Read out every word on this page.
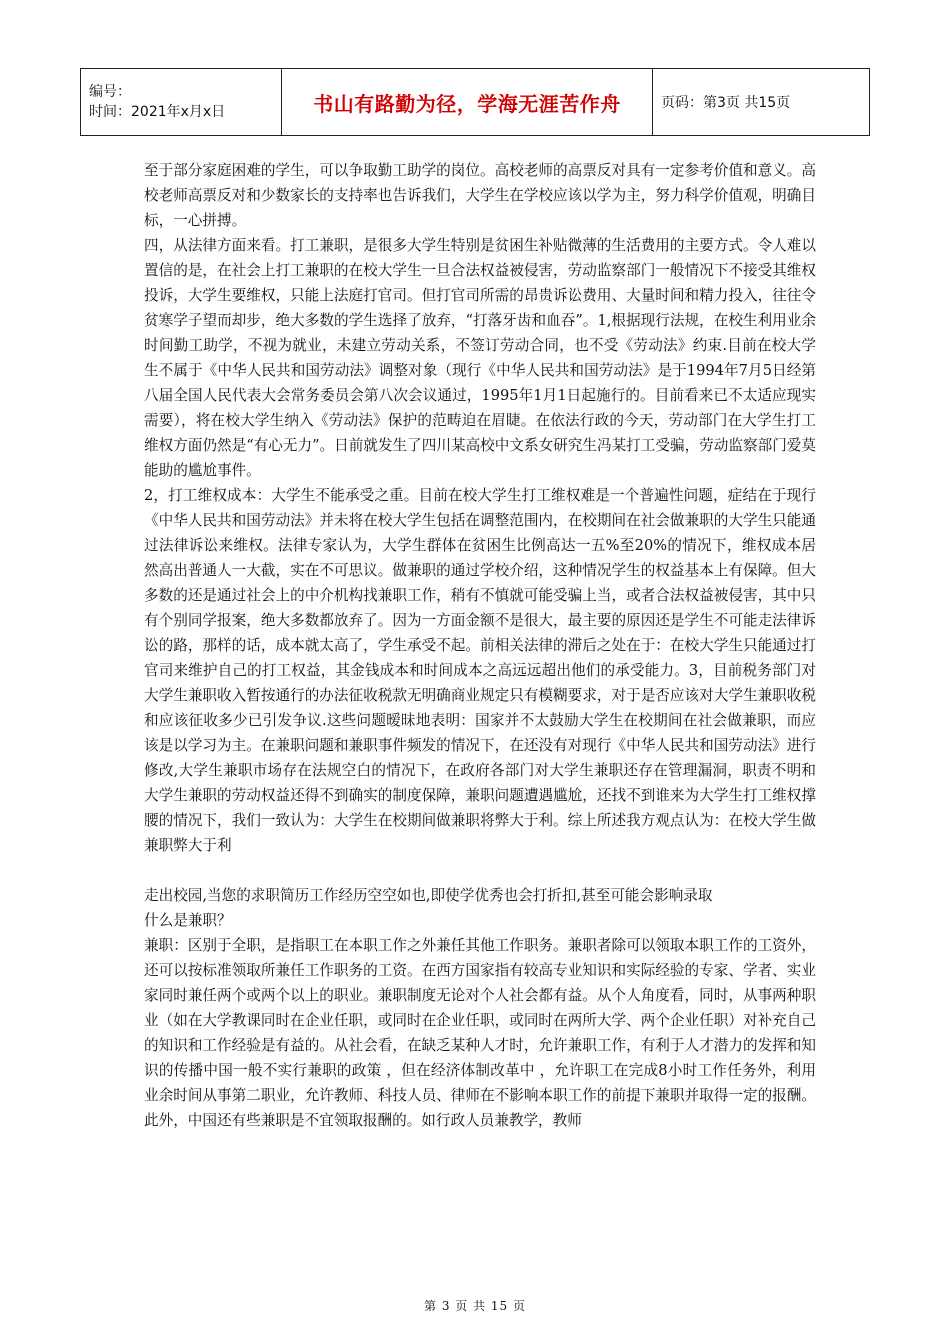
编号：
时间：2021年x月x日	书山有路勤为径，学海无涯苦作舟	页码：第3页 共15页

至于部分家庭困难的学生，可以争取勤工助学的岗位。高校老师的高票反对具有一定参考价值和意义。高校老师高票反对和少数家长的支持率也告诉我们，大学生在学校应该以学为主，努力科学价值观，明确目标，一心拼搏。

四，从法律方面来看。打工兼职，是很多大学生特别是贫困生补贴微薄的生活费用的主要方式。令人难以置信的是，在社会上打工兼职的在校大学生一旦合法权益被侵害，劳动监察部门一般情况下不接受其维权投诉，大学生要维权，只能上法庭打官司。但打官司所需的昂贵诉讼费用、大量时间和精力投入，往往令贫寒学子望而却步，绝大多数的学生选择了放弃，“打落牙齿和血吞”。1,根据现行法规，在校生利用业余时间勤工助学，不视为就业，未建立劳动关系，不签订劳动合同，也不受《劳动法》约束.目前在校大学生不属于《中华人民共和国劳动法》调整对象（现行《中华人民共和国劳动法》是于1994年7月5日经第八届全国人民代表大会常务委员会第八次会议通过，1995年1月1日起施行的。目前看来已不太适应现实需要），将在校大学生纳入《劳动法》保护的范畴迫在眉睫。在依法行政的今天，劳动部门在大学生打工维权方面仍然是“有心无力”。日前就发生了四川某高校中文系女研究生冯某打工受骗，劳动监察部门爱莫能助的尴尬事件。

2，打工维权成本：大学生不能承受之重。目前在校大学生打工维权难是一个普遍性问题，症结在于现行《中华人民共和国劳动法》并未将在校大学生包括在调整范围内，在校期间在社会做兼职的大学生只能通过法律诉讼来维权。法律专家认为，大学生群体在贫困生比例高达一五%至20%的情况下，维权成本居然高出普通人一大截，实在不可思议。做兼职的通过学校介绍，这种情况学生的权益基本上有保障。但大多数的还是通过社会上的中介机构找兼职工作，稍有不慎就可能受骗上当，或者合法权益被侵害，其中只有个别同学报案，绝大多数都放弃了。因为一方面金额不是很大，最主要的原因还是学生不可能走法律诉讼的路，那样的话，成本就太高了，学生承受不起。前相关法律的滞后之处在于：在校大学生只能通过打官司来维护自己的打工权益，其金钱成本和时间成本之高远远超出他们的承受能力。3，目前税务部门对大学生兼职收入暂按通行的办法征收税款无明确商业规定只有模糊要求，对于是否应该对大学生兼职收税和应该征收多少已引发争议.这些问题暧昧地表明：国家并不太鼓励大学生在校期间在社会做兼职，而应该是以学习为主。在兼职问题和兼职事件频发的情况下，在还没有对现行《中华人民共和国劳动法》进行修改,大学生兼职市场存在法规空白的情况下，在政府各部门对大学生兼职还存在管理漏洞，职责不明和大学生兼职的劳动权益还得不到确实的制度保障，兼职问题遭遇尴尬，还找不到谁来为大学生打工维权撑腰的情况下，我们一致认为：大学生在校期间做兼职将弊大于利。综上所述我方观点认为：在校大学生做兼职弊大于利

走出校园,当您的求职简历工作经历空空如也,即使学优秀也会打折扣,甚至可能会影响录取

什么是兼职？

兼职：区别于全职，是指职工在本职工作之外兼任其他工作职务。兼职者除可以领取本职工作的工资外，还可以按标准领取所兼任工作职务的工资。在西方国家指有较高专业知识和实际经验的专家、学者、实业家同时兼任两个或两个以上的职业。兼职制度无论对个人社会都有益。从个人角度看，同时，从事两种职业（如在大学教课同时在企业任职，或同时在企业任职，或同时在两所大学、两个企业任职）对补充自己的知识和工作经验是有益的。从社会看，在缺乏某种人才时，允许兼职工作，有利于人才潜力的发挥和知识的传播中国一般不实行兼职的政策 ，但在经济体制改革中 ，允许职工在完成8小时工作任务外，利用业余时间从事第二职业，允许教师、科技人员、律师在不影响本职工作的前提下兼职并取得一定的报酬。此外，中国还有些兼职是不宜领取报酬的。如行政人员兼教学，教师

第 3 页 共 15 页
